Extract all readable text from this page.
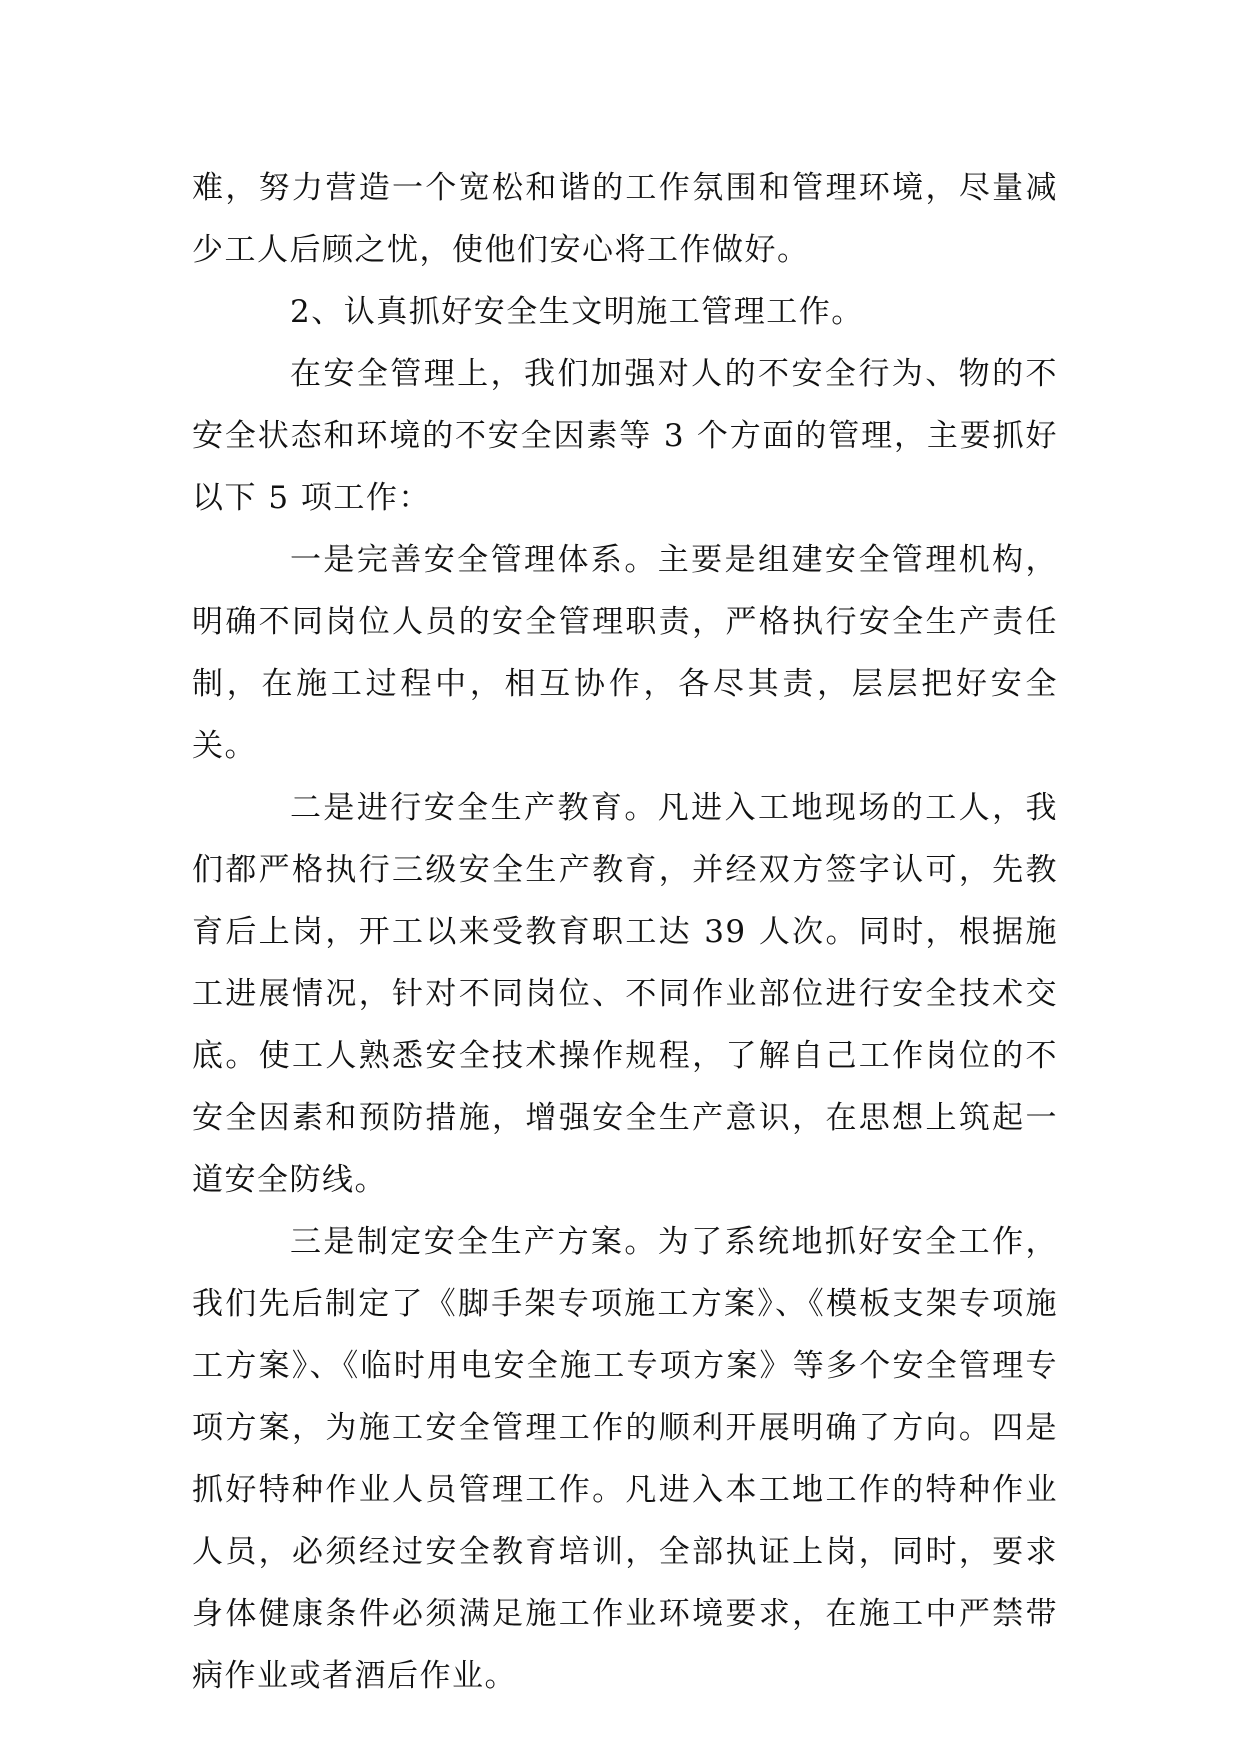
难，努力营造一个宽松和谐的工作氛围和管理环境，尽量减少工人后顾之忧，使他们安心将工作做好。

2、认真抓好安全生文明施工管理工作。

在安全管理上，我们加强对人的不安全行为、物的不安全状态和环境的不安全因素等 3 个方面的管理，主要抓好以下 5 项工作：

一是完善安全管理体系。主要是组建安全管理机构，明确不同岗位人员的安全管理职责，严格执行安全生产责任制，在施工过程中，相互协作，各尽其责，层层把好安全关。

二是进行安全生产教育。凡进入工地现场的工人，我们都严格执行三级安全生产教育，并经双方签字认可，先教育后上岗，开工以来受教育职工达 39 人次。同时，根据施工进展情况，针对不同岗位、不同作业部位进行安全技术交底。使工人熟悉安全技术操作规程，了解自己工作岗位的不安全因素和预防措施，增强安全生产意识，在思想上筑起一道安全防线。

三是制定安全生产方案。为了系统地抓好安全工作，我们先后制定了《脚手架专项施工方案》、《模板支架专项施工方案》、《临时用电安全施工专项方案》等多个安全管理专项方案，为施工安全管理工作的顺利开展明确了方向。四是抓好特种作业人员管理工作。凡进入本工地工作的特种作业人员，必须经过安全教育培训，全部执证上岗，同时，要求身体健康条件必须满足施工作业环境要求，在施工中严禁带病作业或者酒后作业。
